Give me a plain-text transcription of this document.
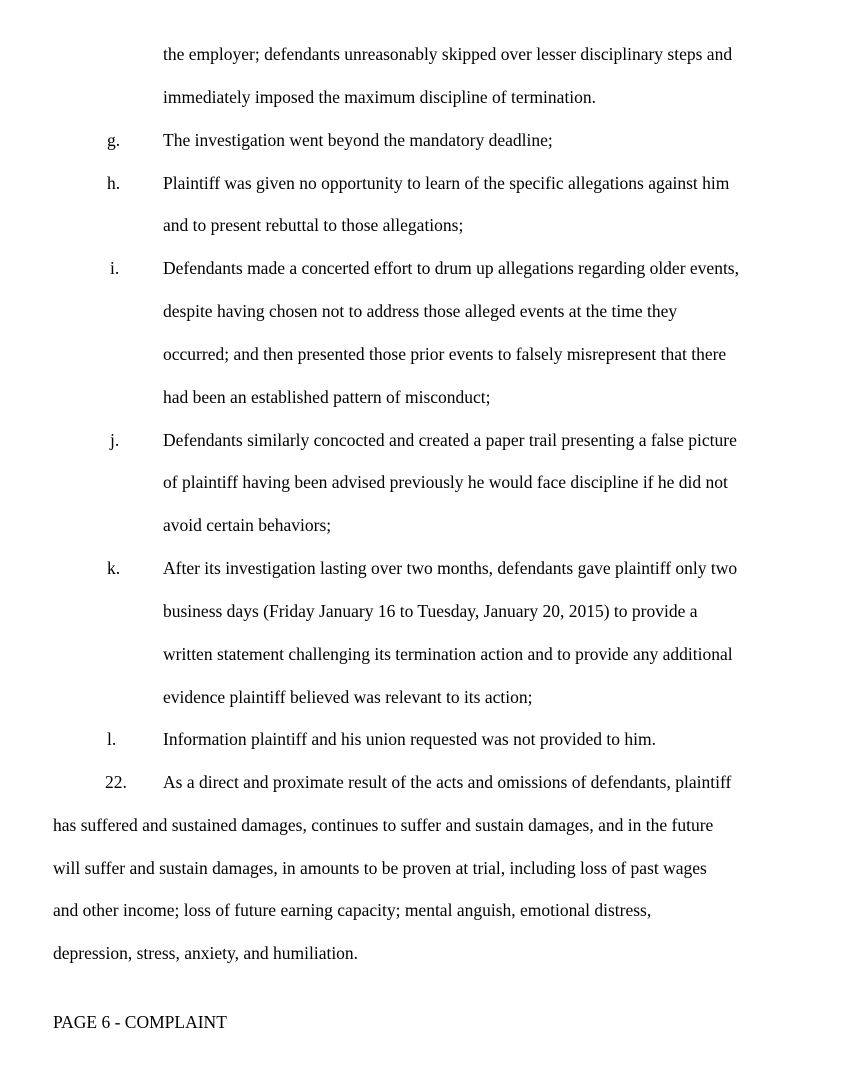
the employer; defendants unreasonably skipped over lesser disciplinary steps and
immediately imposed the maximum discipline of termination.
g. The investigation went beyond the mandatory deadline;
h. Plaintiff was given no opportunity to learn of the specific allegations against him
and to present rebuttal to those allegations;
i.	Defendants made a concerted effort to drum up allegations regarding older events,
despite having chosen not to address those alleged events at the time they
occurred; and then presented those prior events to falsely misrepresent that there
had been an established pattern of misconduct;
j.	Defendants similarly concocted and created a paper trail presenting a false picture
of plaintiff having been advised previously he would face discipline if he did not
avoid certain behaviors;
k. After its investigation lasting over two months, defendants gave plaintiff only two
business days (Friday January 16 to Tuesday, January 20, 2015) to provide a
written statement challenging its termination action and to provide any additional
evidence plaintiff believed was relevant to its action;
l.	Information plaintiff and his union requested was not provided to him.
22. As a direct and proximate result of the acts and omissions of defendants, plaintiff
has suffered and sustained damages, continues to suffer and sustain damages, and in the future
will suffer and sustain damages, in amounts to be proven at trial, including loss of past wages
and other income; loss of future earning capacity; mental anguish, emotional distress,
depression, stress, anxiety, and humiliation.
PAGE 6 - COMPLAINT
